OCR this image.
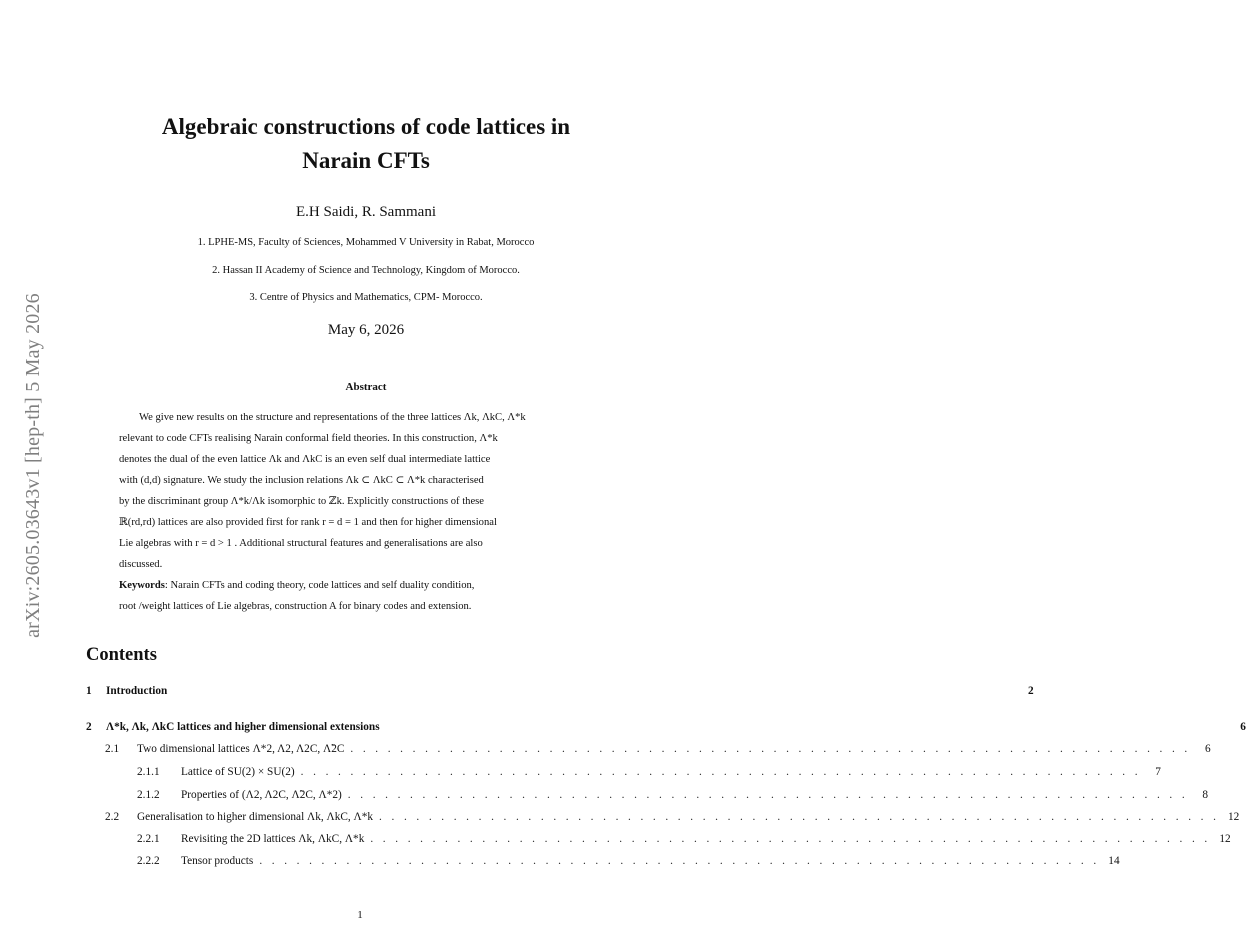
arXiv:2605.03643v1 [hep-th] 5 May 2026
Algebraic constructions of code lattices in
Narain CFTs
E.H Saidi, R. Sammani
1. LPHE-MS, Faculty of Sciences, Mohammed V University in Rabat, Morocco
2. Hassan II Academy of Science and Technology, Kingdom of Morocco.
3. Centre of Physics and Mathematics, CPM- Morocco.
May 6, 2026
Abstract

We give new results on the structure and representations of the three lattices Λk, ΛkC, Λ*k

relevant to code CFTs realising Narain conformal field theories. In this construction, Λ*k

denotes the dual of the even lattice Λk and ΛkC is an even self dual intermediate lattice

with (d,d) signature. We study the inclusion relations Λk ⊂ ΛkC ⊂ Λ*k characterised

by the discriminant group Λ*k/Λk isomorphic to ℤk. Explicitly constructions of these

ℝ(rd,rd) lattices are also provided first for rank r = d = 1 and then for higher dimensional

Lie algebras with r = d > 1 . Additional structural features and generalisations are also

discussed.

Keywords: Narain CFTs and coding theory, code lattices and self duality condition,

root /weight lattices of Lie algebras, construction A for binary codes and extension.

Contents
1	Introduction	2
2	Λ*k, Λk, ΛkC lattices and higher dimensional extensions	6
2.1	Two dimensional lattices Λ*2, Λ2, Λ2C, Λ̃2C . . . . . . . . . . . . . . . . . . . . . . . . . . . . . . . . . . . . . . . . . . . . . . . . . . . . . . . . . . . . . . . . . . . .	6
2.1.1	Lattice of SU(2) × SU(2) . . . . . . . . . . . . . . . . . . . . . . . . . . . . . . . . . . . . . . . . . . . . . . . . . . . . . . . . . . . . . . . . . . . .	7
2.1.2	Properties of (Λ2, Λ2C, Λ̃2C, Λ*2) . . . . . . . . . . . . . . . . . . . . . . . . . . . . . . . . . . . . . . . . . . . . . . . . . . . . . . . . . . . . . . . . . . . .	8
2.2	Generalisation to higher dimensional Λk, ΛkC, Λ*k . . . . . . . . . . . . . . . . . . . . . . . . . . . . . . . . . . . . . . . . . . . . . . . . . . . . . . . . . . . . . . . . . . . . 12
2.2.1	Revisiting the 2D lattices Λk, ΛkC, Λ*k . . . . . . . . . . . . . . . . . . . . . . . . . . . . . . . . . . . . . . . . . . . . . . . . . . . . . . . . . . . . . . . . . . . . 12
2.2.2	Tensor products . . . . . . . . . . . . . . . . . . . . . . . . . . . . . . . . . . . . . . . . . . . . . . . . . . . . . . . . . . . . . . . . . . . . 14
1
